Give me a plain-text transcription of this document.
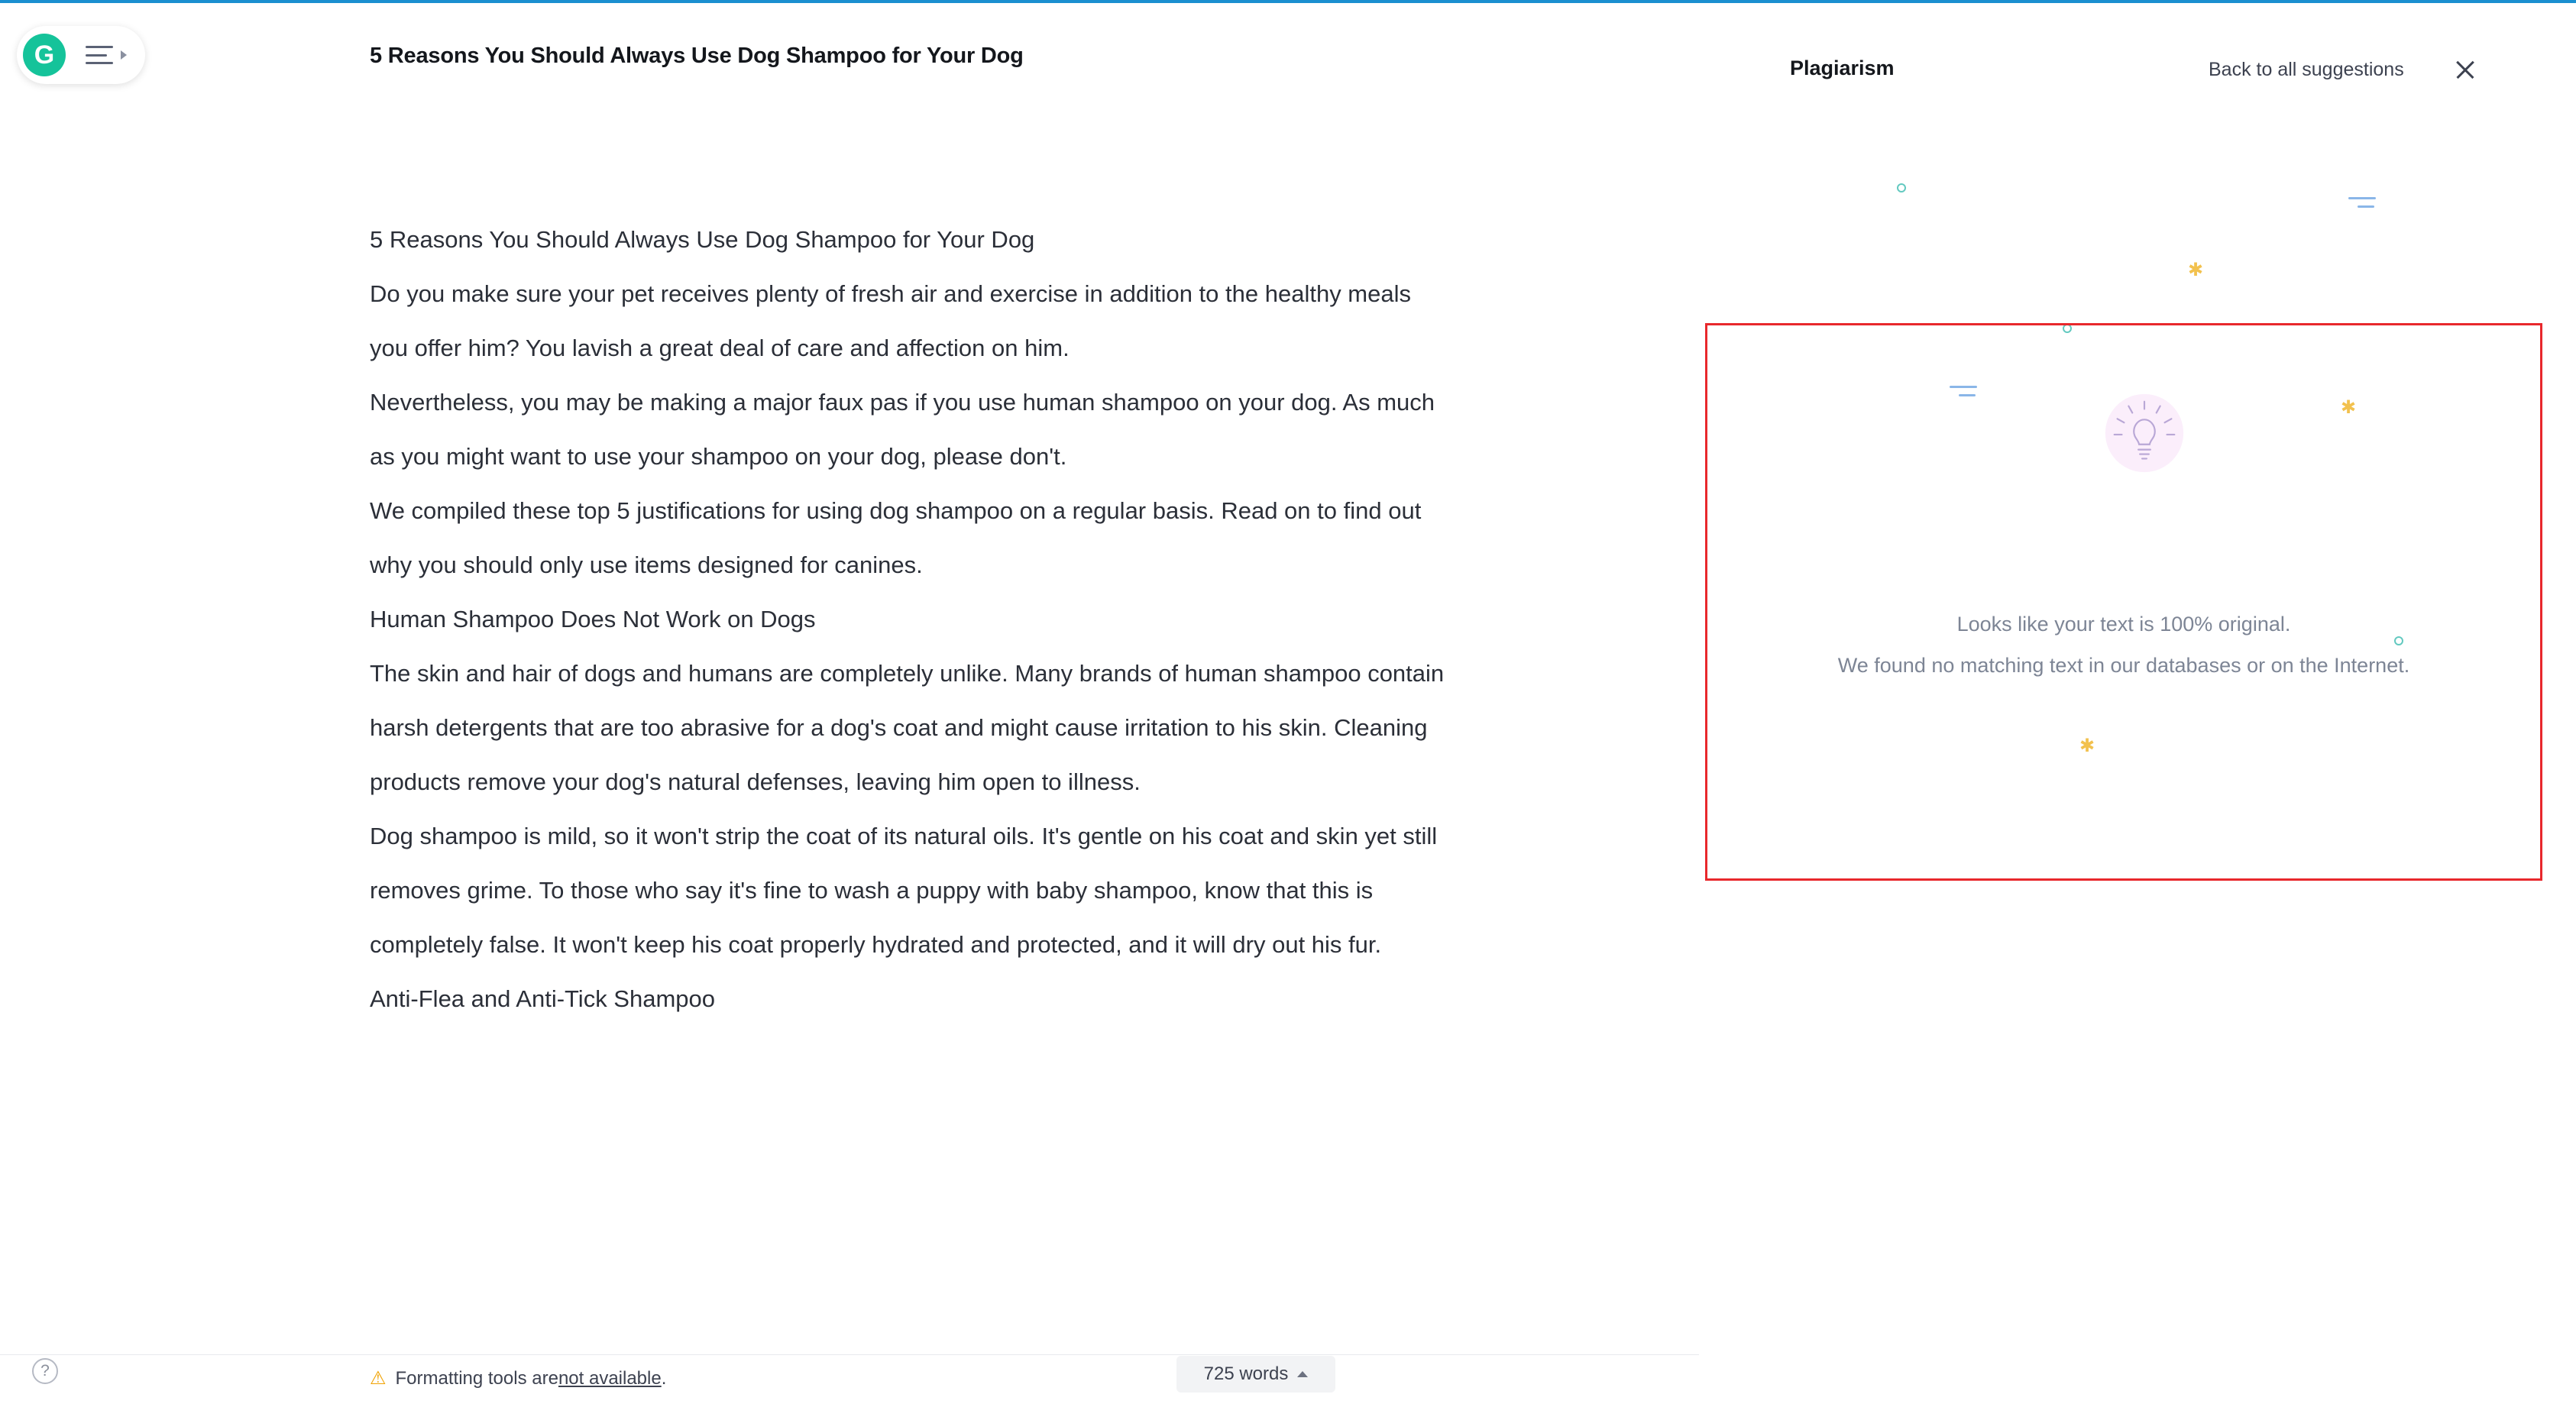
G	5 Reasons You Should Always Use Dog Shampoo for Your Dog

5 Reasons You Should Always Use Dog Shampoo for Your Dog

Do you make sure your pet receives plenty of fresh air and exercise in addition to the healthy meals you offer him? You lavish a great deal of care and affection on him.

Nevertheless, you may be making a major faux pas if you use human shampoo on your dog. As much as you might want to use your shampoo on your dog, please don't.

We compiled these top 5 justifications for using dog shampoo on a regular basis. Read on to find out why you should only use items designed for canines.

Human Shampoo Does Not Work on Dogs

The skin and hair of dogs and humans are completely unlike. Many brands of human shampoo contain harsh detergents that are too abrasive for a dog's coat and might cause irritation to his skin. Cleaning products remove your dog's natural defenses, leaving him open to illness.

Dog shampoo is mild, so it won't strip the coat of its natural oils. It's gentle on his coat and skin yet still removes grime. To those who say it's fine to wash a puppy with baby shampoo, know that this is completely false. It won't keep his coat properly hydrated and protected, and it will dry out his fur.

Anti-Flea and Anti-Tick Shampoo

?	⚠ Formatting tools are not available .	725 words
Plagiarism	Back to all suggestions
✱
✱
✱
Looks like your text is 100% original.
We found no matching text in our databases or on the Internet.
